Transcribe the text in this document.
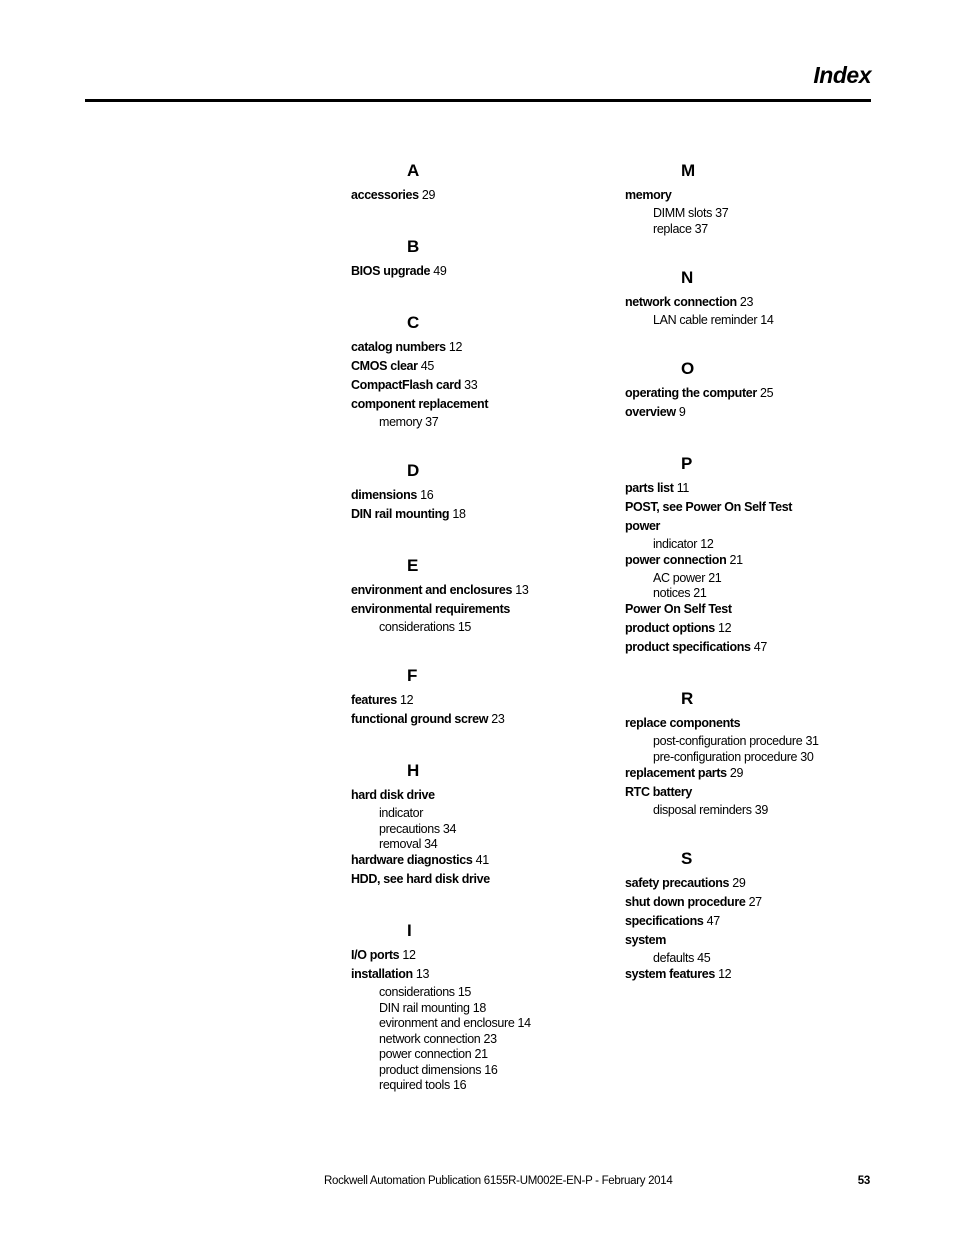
Index
A
accessories 29
B
BIOS upgrade 49
C
catalog numbers 12
CMOS clear 45
CompactFlash card 33
component replacement
memory 37
D
dimensions 16
DIN rail mounting 18
E
environment and enclosures 13
environmental requirements
considerations 15
F
features 12
functional ground screw 23
H
hard disk drive
indicator
precautions 34
removal 34
hardware diagnostics 41
HDD, see hard disk drive
I
I/O ports 12
installation 13
considerations 15
DIN rail mounting 18
evironment and enclosure 14
network connection 23
power connection 21
product dimensions 16
required tools 16
M
memory
DIMM slots 37
replace 37
N
network connection 23
LAN cable reminder 14
O
operating the computer 25
overview 9
P
parts list 11
POST, see Power On Self Test
power
indicator 12
power connection 21
AC power 21
notices 21
Power On Self Test
product options 12
product specifications 47
R
replace components
post-configuration procedure 31
pre-configuration procedure 30
replacement parts 29
RTC battery
disposal reminders 39
S
safety precautions 29
shut down procedure 27
specifications 47
system
defaults 45
system features 12
Rockwell Automation Publication 6155R-UM002E-EN-P - February 2014	53
